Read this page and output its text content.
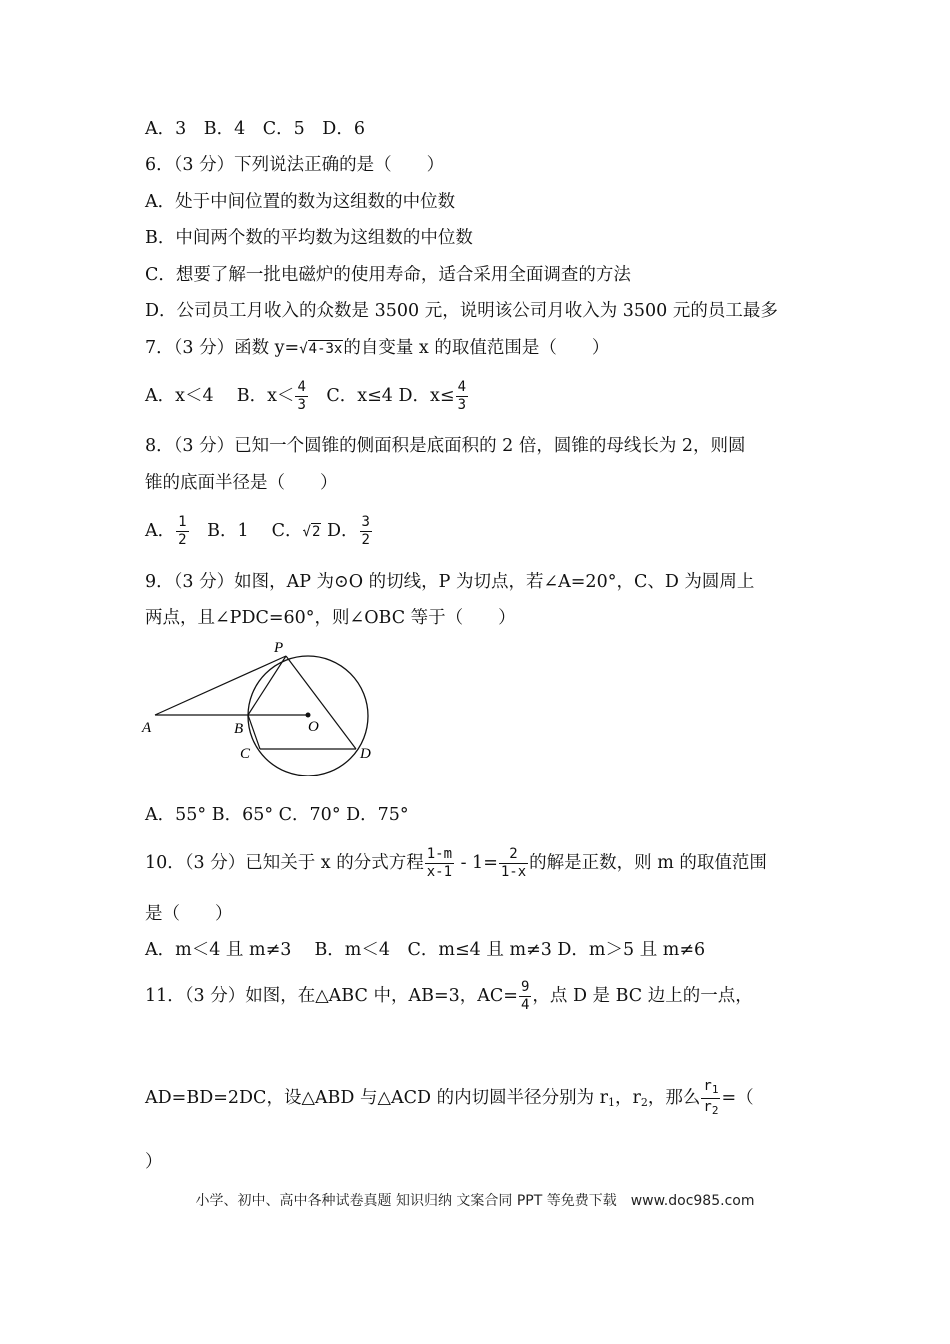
A．3　B．4　C．5　D．6
6．（3 分）下列说法正确的是（　　）
A．处于中间位置的数为这组数的中位数
B．中间两个数的平均数为这组数的中位数
C．想要了解一批电磁炉的使用寿命，适合采用全面调查的方法
D．公司员工月收入的众数是 3500 元，说明该公司月收入为 3500 元的员工最多
7．（3 分）函数 y=√4-3x的自变量 x 的取值范围是（　　）
A．x＜4　 B．$x< \frac{4}{3}$ 　C．x≤4 D．$x\le \frac{4}{3}$
8．（3 分）已知一个圆锥的侧面积是底面积的 2 倍，圆锥的母线长为 2，则圆
锥的底面半径是（　　）
A． $\frac{1}{2}$ 　B．1　 C．√2 D． $\frac{3}{2}$
9．（3 分）如图，AP 为⊙O 的切线，P 为切点，若∠A=20°，C、D 为圆周上
两点，且∠PDC=60°，则∠OBC 等于（　　）
A	B
C	D
O
P
A．55° B．65° C．70° D．75°
10．（3 分）已知关于 x 的分式方程 $\frac{1-m}{x-1} - 1= \frac{2}{1-x}$ 的解是正数，则 m 的取值范围
是（　　）
A．m＜4 且 m≠3　 B．m＜4　C．m≤4 且 m≠3 D．m＞5 且 m≠6
11．（3 分）如图，在△ABC 中，AB=3，$AC= \frac{9}{4}$ ，点 D 是 BC 边上的一点，
AD=BD=2DC，设△ABD 与△ACD 的内切圆半径分别为 $r_1$，$r_2$，那么 $\frac{r_1}{r_2}$ =（
）
小学、初中、高中各种试卷真题 知识归纳 文案合同 PPT 等免费下载　www.doc985.com
